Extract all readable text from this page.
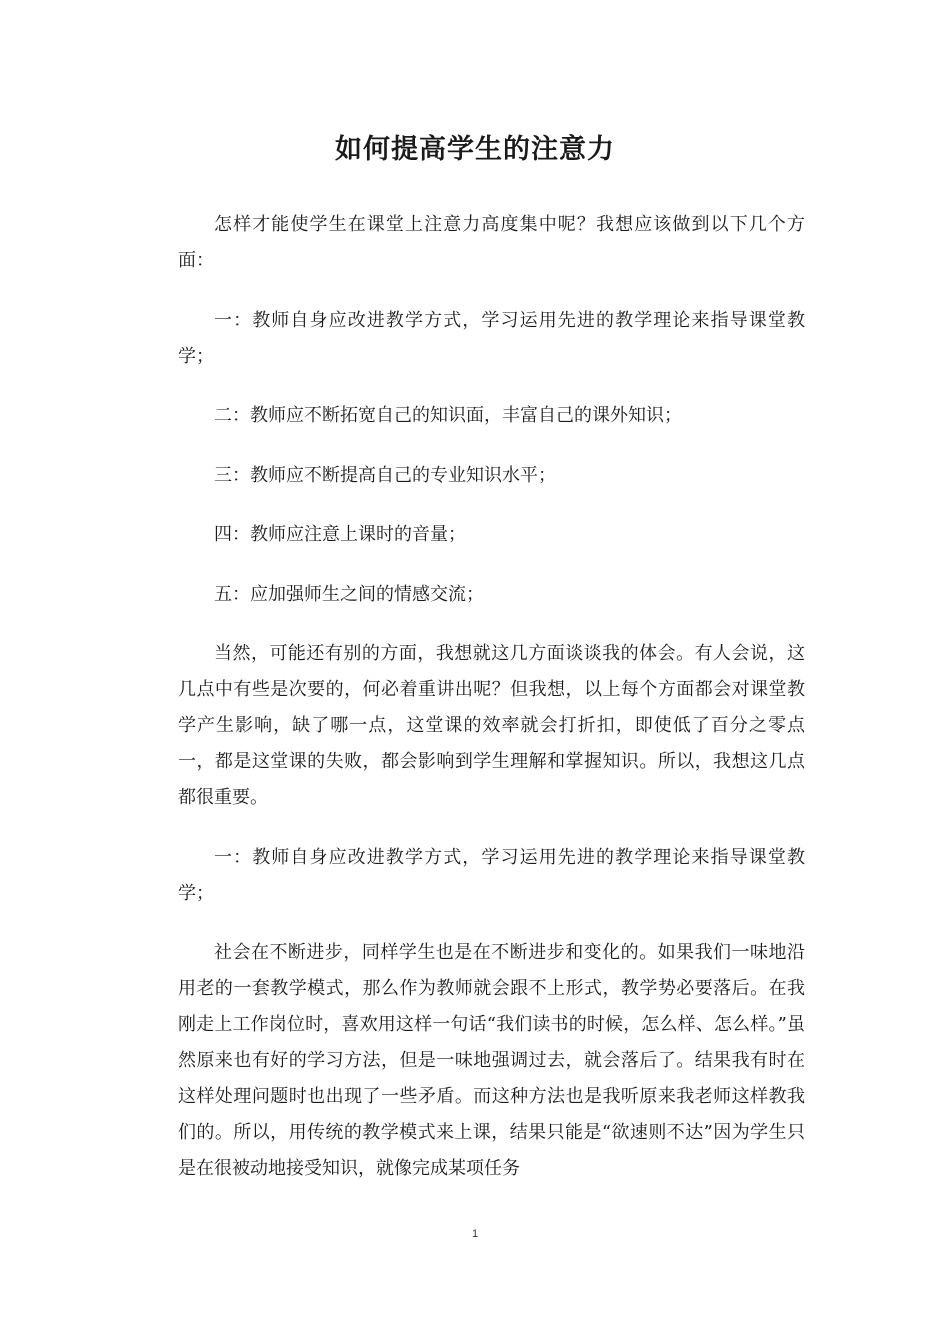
如何提高学生的注意力

怎样才能使学生在课堂上注意力高度集中呢？我想应该做到以下几个方面：

一：教师自身应改进教学方式，学习运用先进的教学理论来指导课堂教学；

二：教师应不断拓宽自己的知识面，丰富自己的课外知识；

三：教师应不断提高自己的专业知识水平；

四：教师应注意上课时的音量；

五：应加强师生之间的情感交流；

当然，可能还有别的方面，我想就这几方面谈谈我的体会。有人会说，这几点中有些是次要的，何必着重讲出呢？但我想，以上每个方面都会对课堂教学产生影响，缺了哪一点，这堂课的效率就会打折扣，即使低了百分之零点一，都是这堂课的失败，都会影响到学生理解和掌握知识。所以，我想这几点都很重要。

一：教师自身应改进教学方式，学习运用先进的教学理论来指导课堂教学；

社会在不断进步，同样学生也是在不断进步和变化的。如果我们一味地沿用老的一套教学模式，那么作为教师就会跟不上形式，教学势必要落后。在我刚走上工作岗位时，喜欢用这样一句话“我们读书的时候，怎么样、怎么样。”虽然原来也有好的学习方法，但是一味地强调过去，就会落后了。结果我有时在这样处理问题时也出现了一些矛盾。而这种方法也是我听原来我老师这样教我们的。所以，用传统的教学模式来上课，结果只能是“欲速则不达”因为学生只是在很被动地接受知识，就像完成某项任务

1
